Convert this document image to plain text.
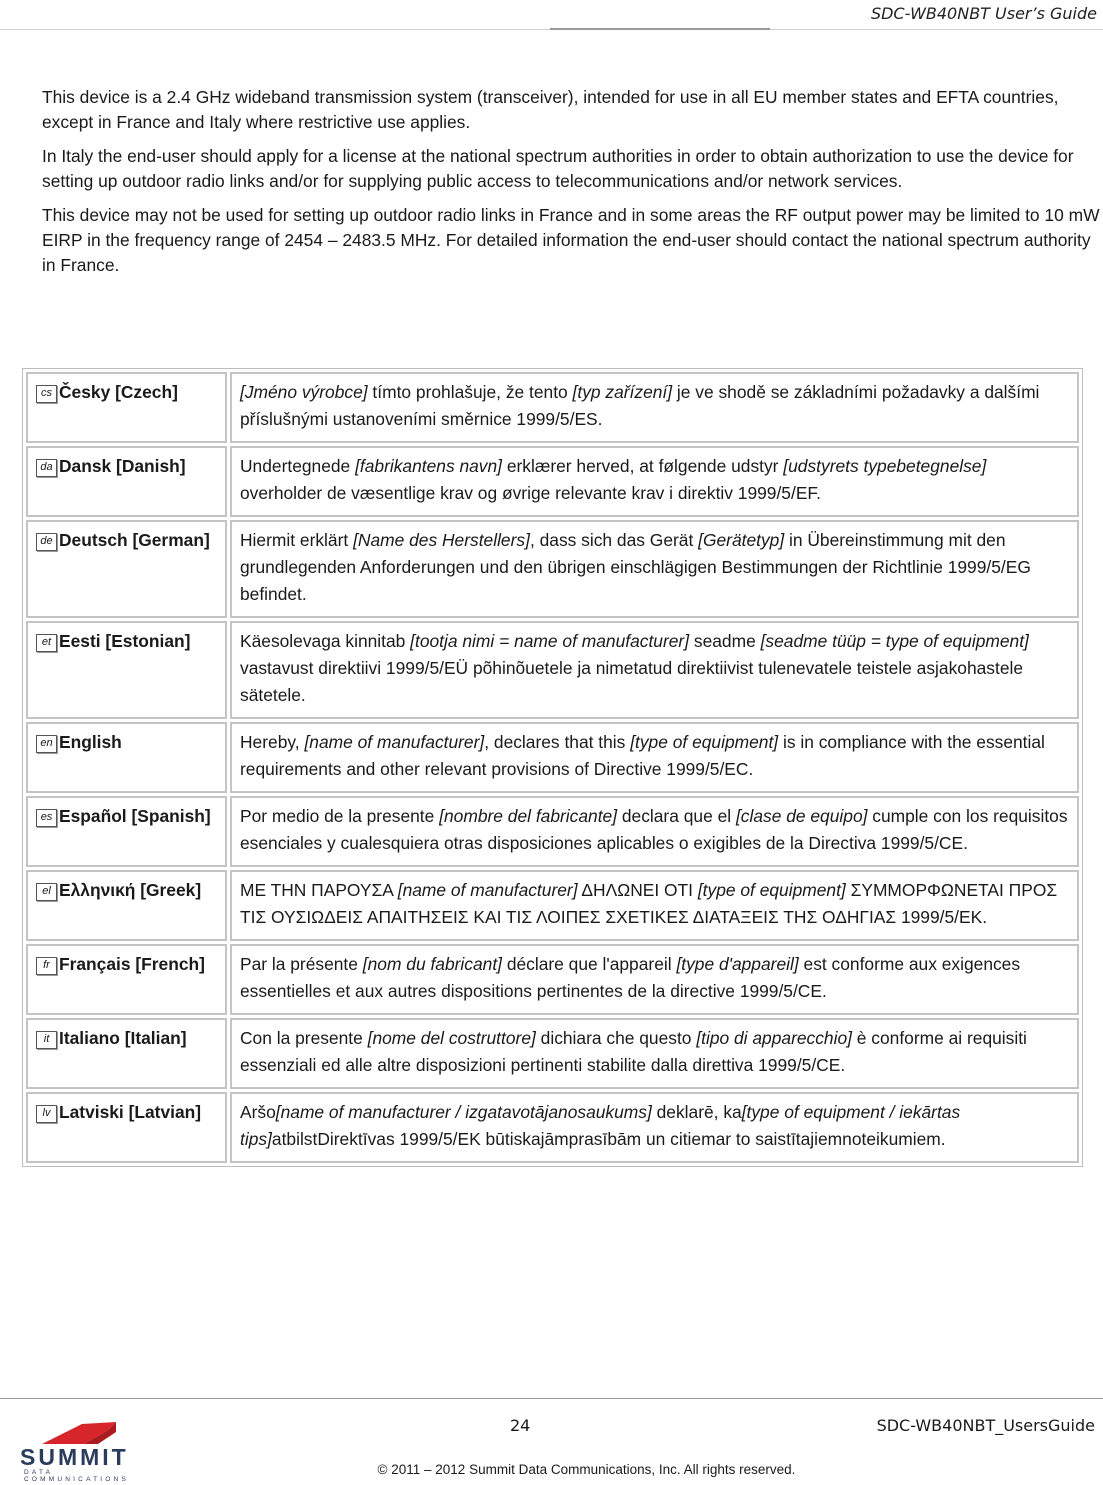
SDC-WB40NBT User’s Guide

This device is a 2.4 GHz wideband transmission system (transceiver), intended for use in all EU member states and EFTA countries, except in France and Italy where restrictive use applies.

In Italy the end-user should apply for a license at the national spectrum authorities in order to obtain authorization to use the device for setting up outdoor radio links and/or for supplying public access to telecommunications and/or network services.

This device may not be used for setting up outdoor radio links in France and in some areas the RF output power may be limited to 10 mW EIRP in the frequency range of 2454 – 2483.5 MHz. For detailed information the end-user should contact the national spectrum authority in France.

cs Česky [Czech]	[Jméno výrobce] tímto prohlašuje, že tento [typ zařízení] je ve shodě se základními požadavky a dalšími příslušnými ustanoveními směrnice 1999/5/ES.
da Dansk [Danish]	Undertegnede [fabrikantens navn] erklærer herved, at følgende udstyr [udstyrets typebetegnelse] overholder de væsentlige krav og øvrige relevante krav i direktiv 1999/5/EF.
de Deutsch [German]	Hiermit erklärt [Name des Herstellers], dass sich das Gerät [Gerätetyp] in Übereinstimmung mit den grundlegenden Anforderungen und den übrigen einschlägigen Bestimmungen der Richtlinie 1999/5/EG befindet.
et Eesti [Estonian]	Käesolevaga kinnitab [tootja nimi = name of manufacturer] seadme [seadme tüüp = type of equipment] vastavust direktiivi 1999/5/EÜ põhinõuetele ja nimetatud direktiivist tulenevatele teistele asjakohastele sätetele.
en English	Hereby, [name of manufacturer], declares that this [type of equipment] is in compliance with the essential requirements and other relevant provisions of Directive 1999/5/EC.
es Español [Spanish]	Por medio de la presente [nombre del fabricante] declara que el [clase de equipo] cumple con los requisitos esenciales y cualesquiera otras disposiciones aplicables o exigibles de la Directiva 1999/5/CE.
el Ελληνική [Greek]	ΜΕ ΤΗΝ ΠΑΡΟΥΣΑ [name of manufacturer] ΔΗΛΩΝΕΙ ΟΤΙ [type of equipment] ΣΥΜΜΟΡΦΩΝΕΤΑΙ ΠΡΟΣ ΤΙΣ ΟΥΣΙΩΔΕΙΣ ΑΠΑΙΤΗΣΕΙΣ ΚΑΙ ΤΙΣ ΛΟΙΠΕΣ ΣΧΕΤΙΚΕΣ ΔΙΑΤΑΞΕΙΣ ΤΗΣ ΟΔΗΓΙΑΣ 1999/5/ΕΚ.
fr Français [French]	Par la présente [nom du fabricant] déclare que l'appareil [type d'appareil] est conforme aux exigences essentielles et aux autres dispositions pertinentes de la directive 1999/5/CE.
it Italiano [Italian]	Con la presente [nome del costruttore] dichiara che questo [tipo di apparecchio] è conforme ai requisiti essenziali ed alle altre disposizioni pertinenti stabilite dalla direttiva 1999/5/CE.
lv Latviski [Latvian]	Aršo[name of manufacturer / izgatavotājanosaukums] deklarē, ka[type of equipment / iekārtas tips]atbilstDirektīvas 1999/5/EK būtiskajāmprasībām un citiemar to saistītajiemnoteikumiem.
SUMMIT
DATA COMMUNICATIONS
24	SDC-WB40NBT_UsersGuide
© 2011 – 2012 Summit Data Communications, Inc. All rights reserved.
